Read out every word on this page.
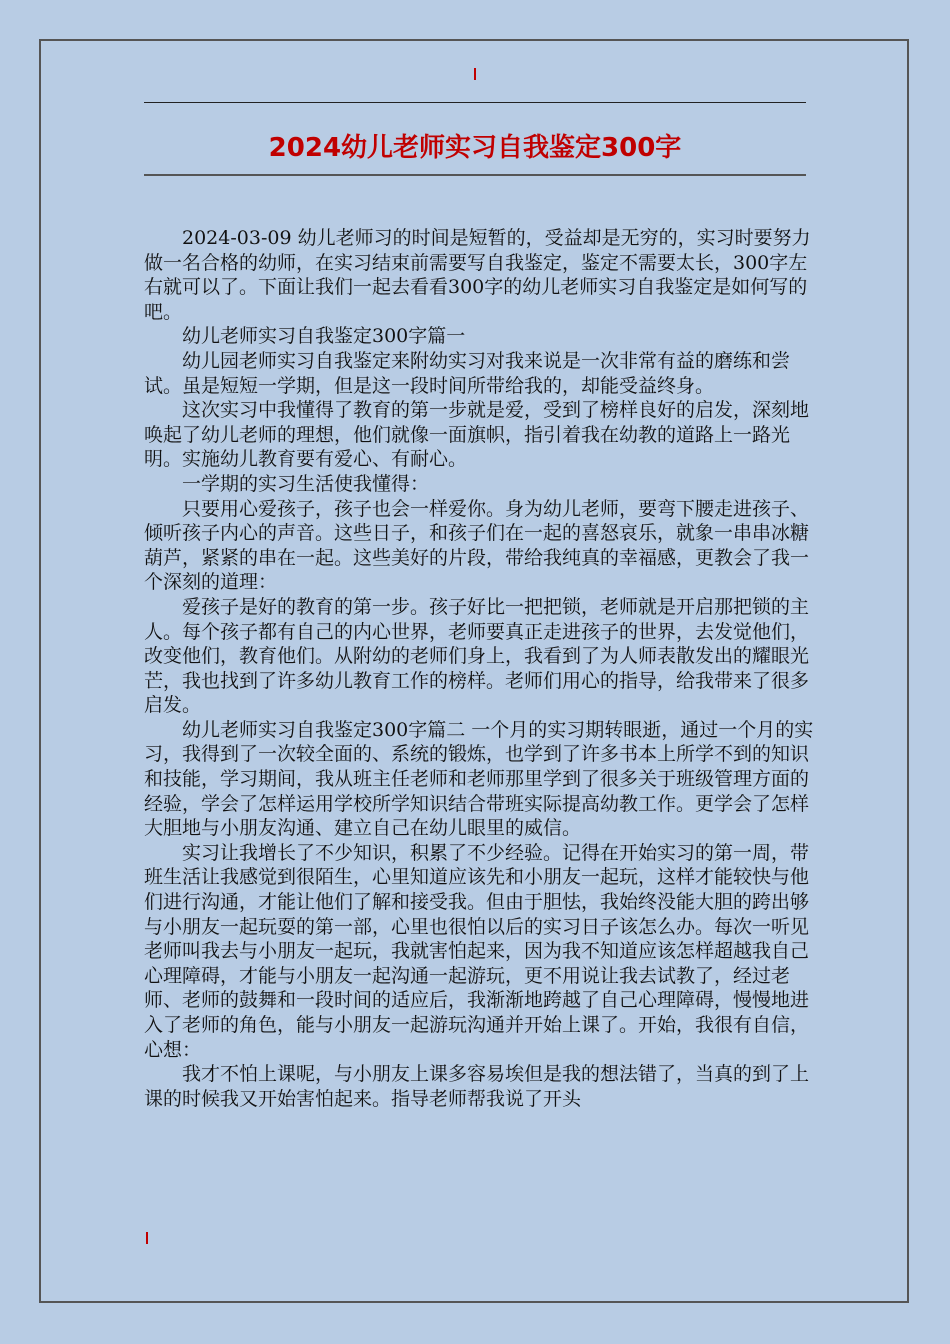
2024幼儿老师实习自我鉴定300字

2024-03-09 幼儿老师习的时间是短暂的，受益却是无穷的，实习时要努力做一名合格的幼师，在实习结束前需要写自我鉴定，鉴定不需要太长，300字左右就可以了。下面让我们一起去看看300字的幼儿老师实习自我鉴定是如何写的吧。

幼儿老师实习自我鉴定300字篇一

幼儿园老师实习自我鉴定来附幼实习对我来说是一次非常有益的磨练和尝试。虽是短短一学期，但是这一段时间所带给我的，却能受益终身。

这次实习中我懂得了教育的第一步就是爱，受到了榜样良好的启发，深刻地唤起了幼儿老师的理想，他们就像一面旗帜，指引着我在幼教的道路上一路光明。实施幼儿教育要有爱心、有耐心。

一学期的实习生活使我懂得：

只要用心爱孩子，孩子也会一样爱你。身为幼儿老师，要弯下腰走进孩子、倾听孩子内心的声音。这些日子，和孩子们在一起的喜怒哀乐，就象一串串冰糖葫芦，紧紧的串在一起。这些美好的片段，带给我纯真的幸福感，更教会了我一个深刻的道理：

爱孩子是好的教育的第一步。孩子好比一把把锁，老师就是开启那把锁的主人。每个孩子都有自己的内心世界，老师要真正走进孩子的世界，去发觉他们，改变他们，教育他们。从附幼的老师们身上，我看到了为人师表散发出的耀眼光芒，我也找到了许多幼儿教育工作的榜样。老师们用心的指导，给我带来了很多启发。

幼儿老师实习自我鉴定300字篇二 一个月的实习期转眼逝，通过一个月的实习，我得到了一次较全面的、系统的锻炼，也学到了许多书本上所学不到的知识和技能，学习期间，我从班主任老师和老师那里学到了很多关于班级管理方面的经验，学会了怎样运用学校所学知识结合带班实际提高幼教工作。更学会了怎样大胆地与小朋友沟通、建立自己在幼儿眼里的威信。

实习让我增长了不少知识，积累了不少经验。记得在开始实习的第一周，带班生活让我感觉到很陌生，心里知道应该先和小朋友一起玩，这样才能较快与他们进行沟通，才能让他们了解和接受我。但由于胆怯，我始终没能大胆的跨出够与小朋友一起玩耍的第一部，心里也很怕以后的实习日子该怎么办。每次一听见老师叫我去与小朋友一起玩，我就害怕起来，因为我不知道应该怎样超越我自己心理障碍，才能与小朋友一起沟通一起游玩，更不用说让我去试教了，经过老师、老师的鼓舞和一段时间的适应后，我渐渐地跨越了自己心理障碍，慢慢地进入了老师的角色，能与小朋友一起游玩沟通并开始上课了。开始，我很有自信，心想：

我才不怕上课呢，与小朋友上课多容易埃但是我的想法错了，当真的到了上课的时候我又开始害怕起来。指导老师帮我说了开头
